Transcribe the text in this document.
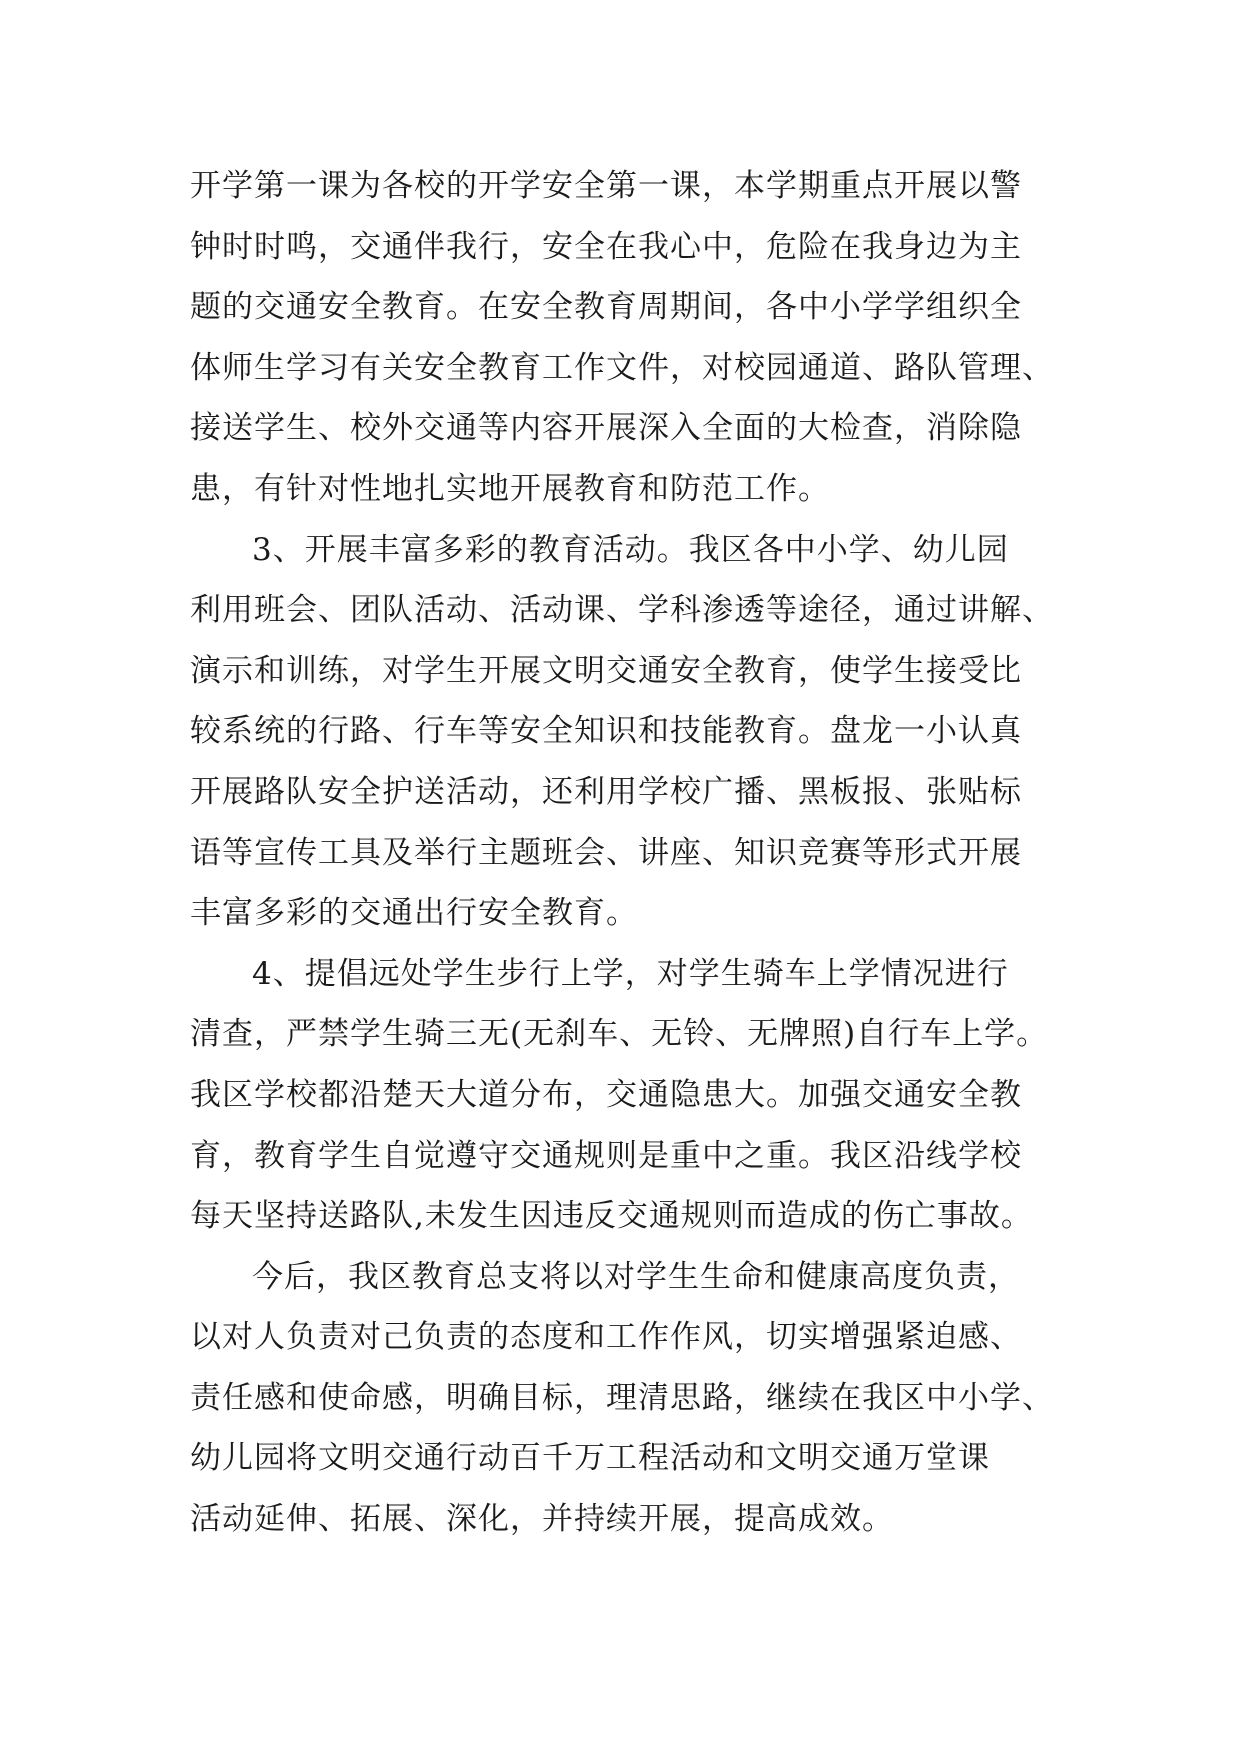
开学第一课为各校的开学安全第一课，本学期重点开展以警
钟时时鸣，交通伴我行，安全在我心中，危险在我身边为主
题的交通安全教育。在安全教育周期间，各中小学学组织全
体师生学习有关安全教育工作文件，对校园通道、路队管理、
接送学生、校外交通等内容开展深入全面的大检查，消除隐
患，有针对性地扎实地开展教育和防范工作。
3、开展丰富多彩的教育活动。我区各中小学、幼儿园
利用班会、团队活动、活动课、学科渗透等途径，通过讲解、
演示和训练，对学生开展文明交通安全教育，使学生接受比
较系统的行路、行车等安全知识和技能教育。盘龙一小认真
开展路队安全护送活动，还利用学校广播、黑板报、张贴标
语等宣传工具及举行主题班会、讲座、知识竞赛等形式开展
丰富多彩的交通出行安全教育。
4、提倡远处学生步行上学，对学生骑车上学情况进行
清查，严禁学生骑三无(无刹车、无铃、无牌照)自行车上学。
我区学校都沿楚天大道分布，交通隐患大。加强交通安全教
育，教育学生自觉遵守交通规则是重中之重。我区沿线学校
每天坚持送路队,未发生因违反交通规则而造成的伤亡事故。
今后，我区教育总支将以对学生生命和健康高度负责，
以对人负责对己负责的态度和工作作风，切实增强紧迫感、
责任感和使命感，明确目标，理清思路，继续在我区中小学、
幼儿园将文明交通行动百千万工程活动和文明交通万堂课
活动延伸、拓展、深化，并持续开展，提高成效。
